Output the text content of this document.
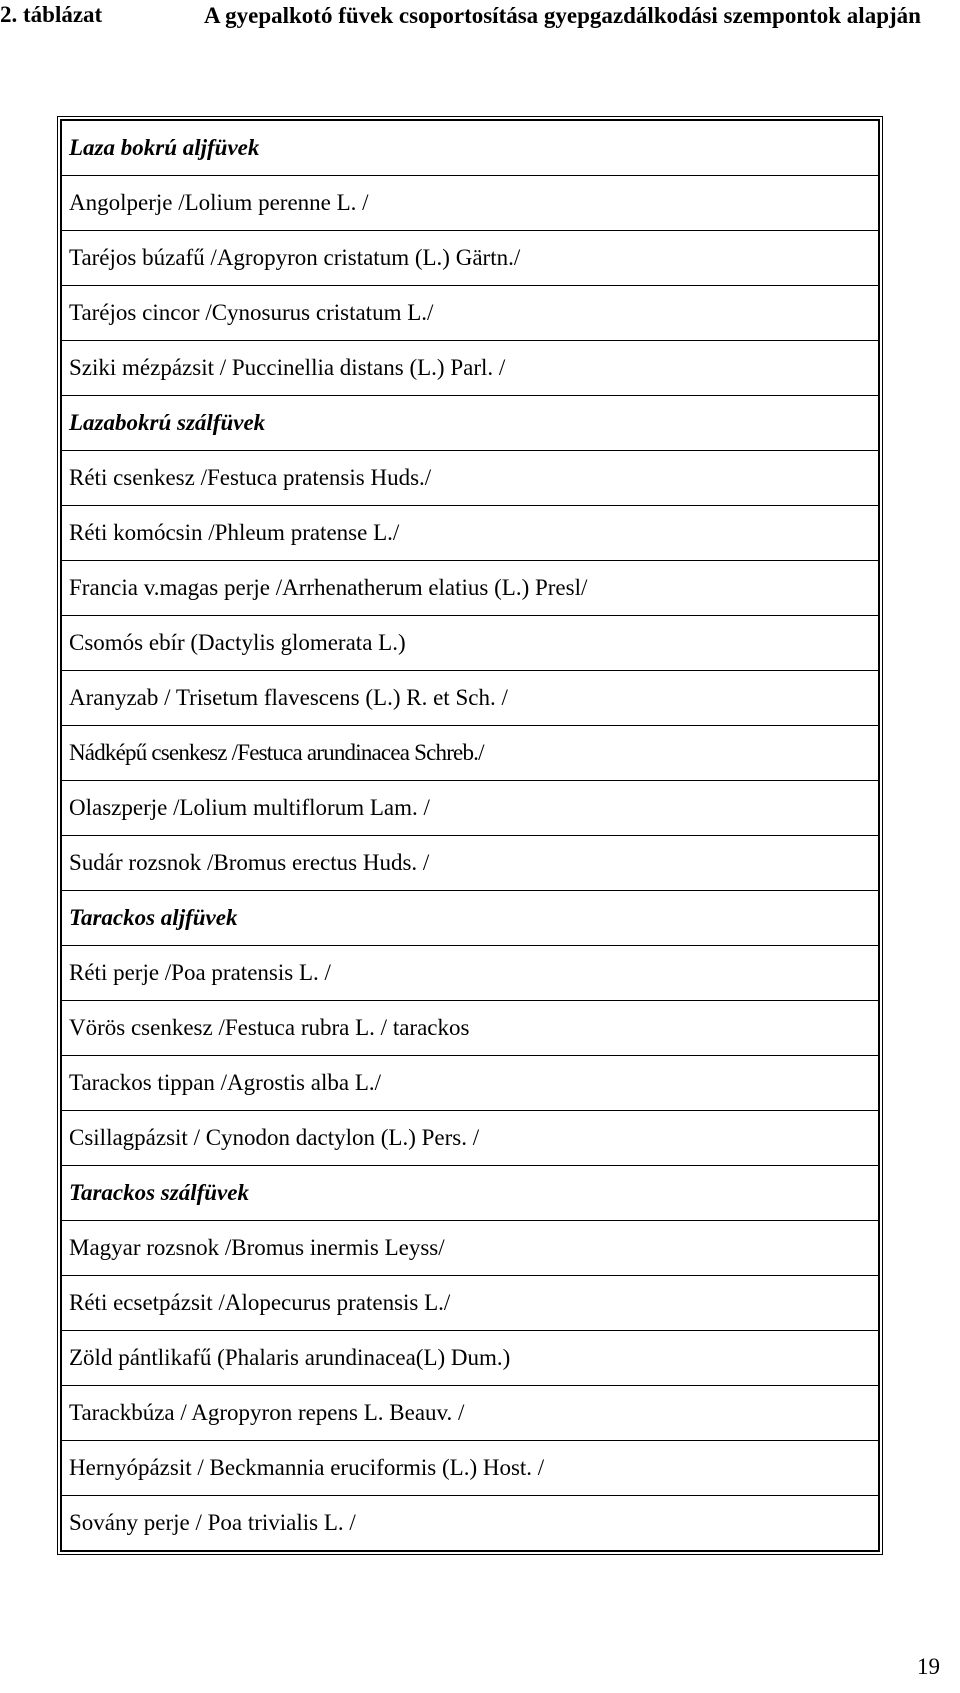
2. táblázat	A gyepalkotó füvek csoportosítása gyepgazdálkodási szempontok alapján
Laza bokrú aljfüvek
Angolperje /Lolium perenne L. /
Taréjos búzafű /Agropyron cristatum (L.) Gärtn./
Taréjos cincor /Cynosurus cristatum L./
Sziki mézpázsit / Puccinellia distans (L.) Parl. /
Lazabokrú szálfüvek
Réti csenkesz /Festuca pratensis Huds./
Réti komócsin /Phleum pratense L./
Francia v.magas perje /Arrhenatherum elatius (L.) Presl/
Csomós ebír (Dactylis glomerata L.)
Aranyzab / Trisetum flavescens (L.) R. et Sch. /
Nádképű csenkesz /Festuca arundinacea Schreb./
Olaszperje /Lolium multiflorum Lam. /
Sudár rozsnok /Bromus erectus Huds. /
Tarackos aljfüvek
Réti perje /Poa pratensis L. /
Vörös csenkesz /Festuca rubra L. / tarackos
Tarackos tippan /Agrostis alba L./
Csillagpázsit / Cynodon dactylon (L.) Pers. /
Tarackos szálfüvek
Magyar rozsnok /Bromus inermis Leyss/
Réti ecsetpázsit /Alopecurus pratensis L./
Zöld pántlikafű (Phalaris arundinacea(L) Dum.)
Tarackbúza / Agropyron repens L. Beauv. /
Hernyópázsit / Beckmannia eruciformis (L.) Host. /
Sovány perje / Poa trivialis L. /
19
